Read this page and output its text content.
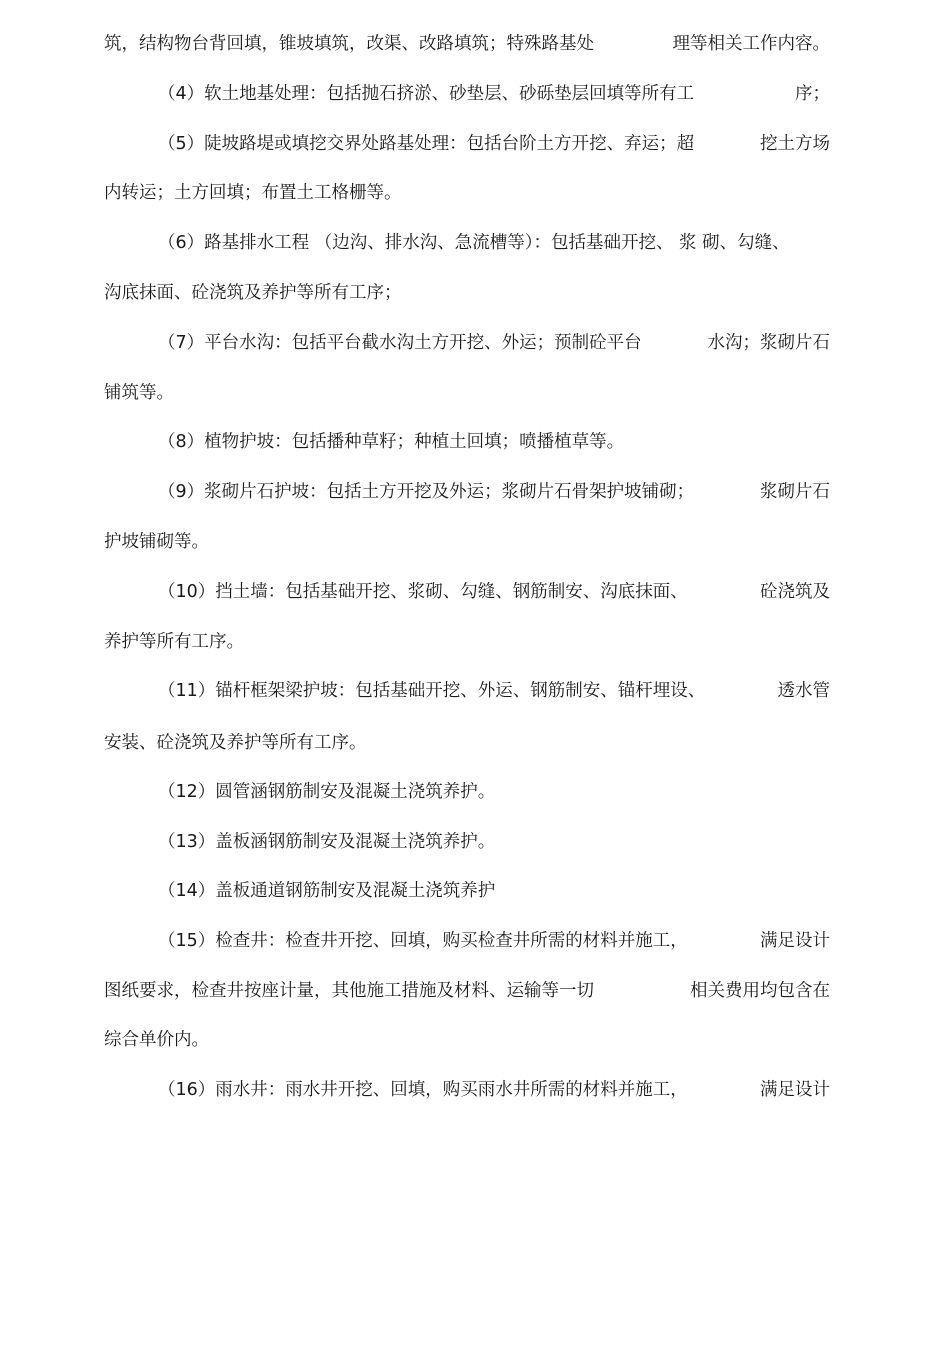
筑，结构物台背回填，锥坡填筑，改渠、改路填筑；特殊路基处	理等相关工作内容。
（4）软土地基处理：包括抛石挤淤、砂垫层、砂砾垫层回填等所有工	序；
（5）陡坡路堤或填挖交界处路基处理：包括台阶土方开挖、弃运；超	挖土方场
内转运；土方回填；布置土工格栅等。
（6）路基排水工程 （边沟、排水沟、急流槽等）：包括基础开挖、 浆 砌、勾缝、
沟底抹面、砼浇筑及养护等所有工序；
（7）平台水沟：包括平台截水沟土方开挖、外运；预制砼平台	水沟；浆砌片石
铺筑等。
（8）植物护坡：包括播种草籽；种植土回填；喷播植草等。
（9）浆砌片石护坡：包括土方开挖及外运；浆砌片石骨架护坡铺砌；	浆砌片石
护坡铺砌等。
（10）挡土墙：包括基础开挖、浆砌、勾缝、钢筋制安、沟底抹面、	砼浇筑及
养护等所有工序。
（11）锚杆框架梁护坡：包括基础开挖、外运、钢筋制安、锚杆埋设、	透水管
安装、砼浇筑及养护等所有工序。
（12）圆管涵钢筋制安及混凝土浇筑养护。
（13）盖板涵钢筋制安及混凝土浇筑养护。
（14）盖板通道钢筋制安及混凝土浇筑养护
（15）检查井：检查井开挖、回填，购买检查井所需的材料并施工，	满足设计
图纸要求，检查井按座计量，其他施工措施及材料、运输等一切	相关费用均包含在
综合单价内。
（16）雨水井：雨水井开挖、回填，购买雨水井所需的材料并施工，	满足设计
